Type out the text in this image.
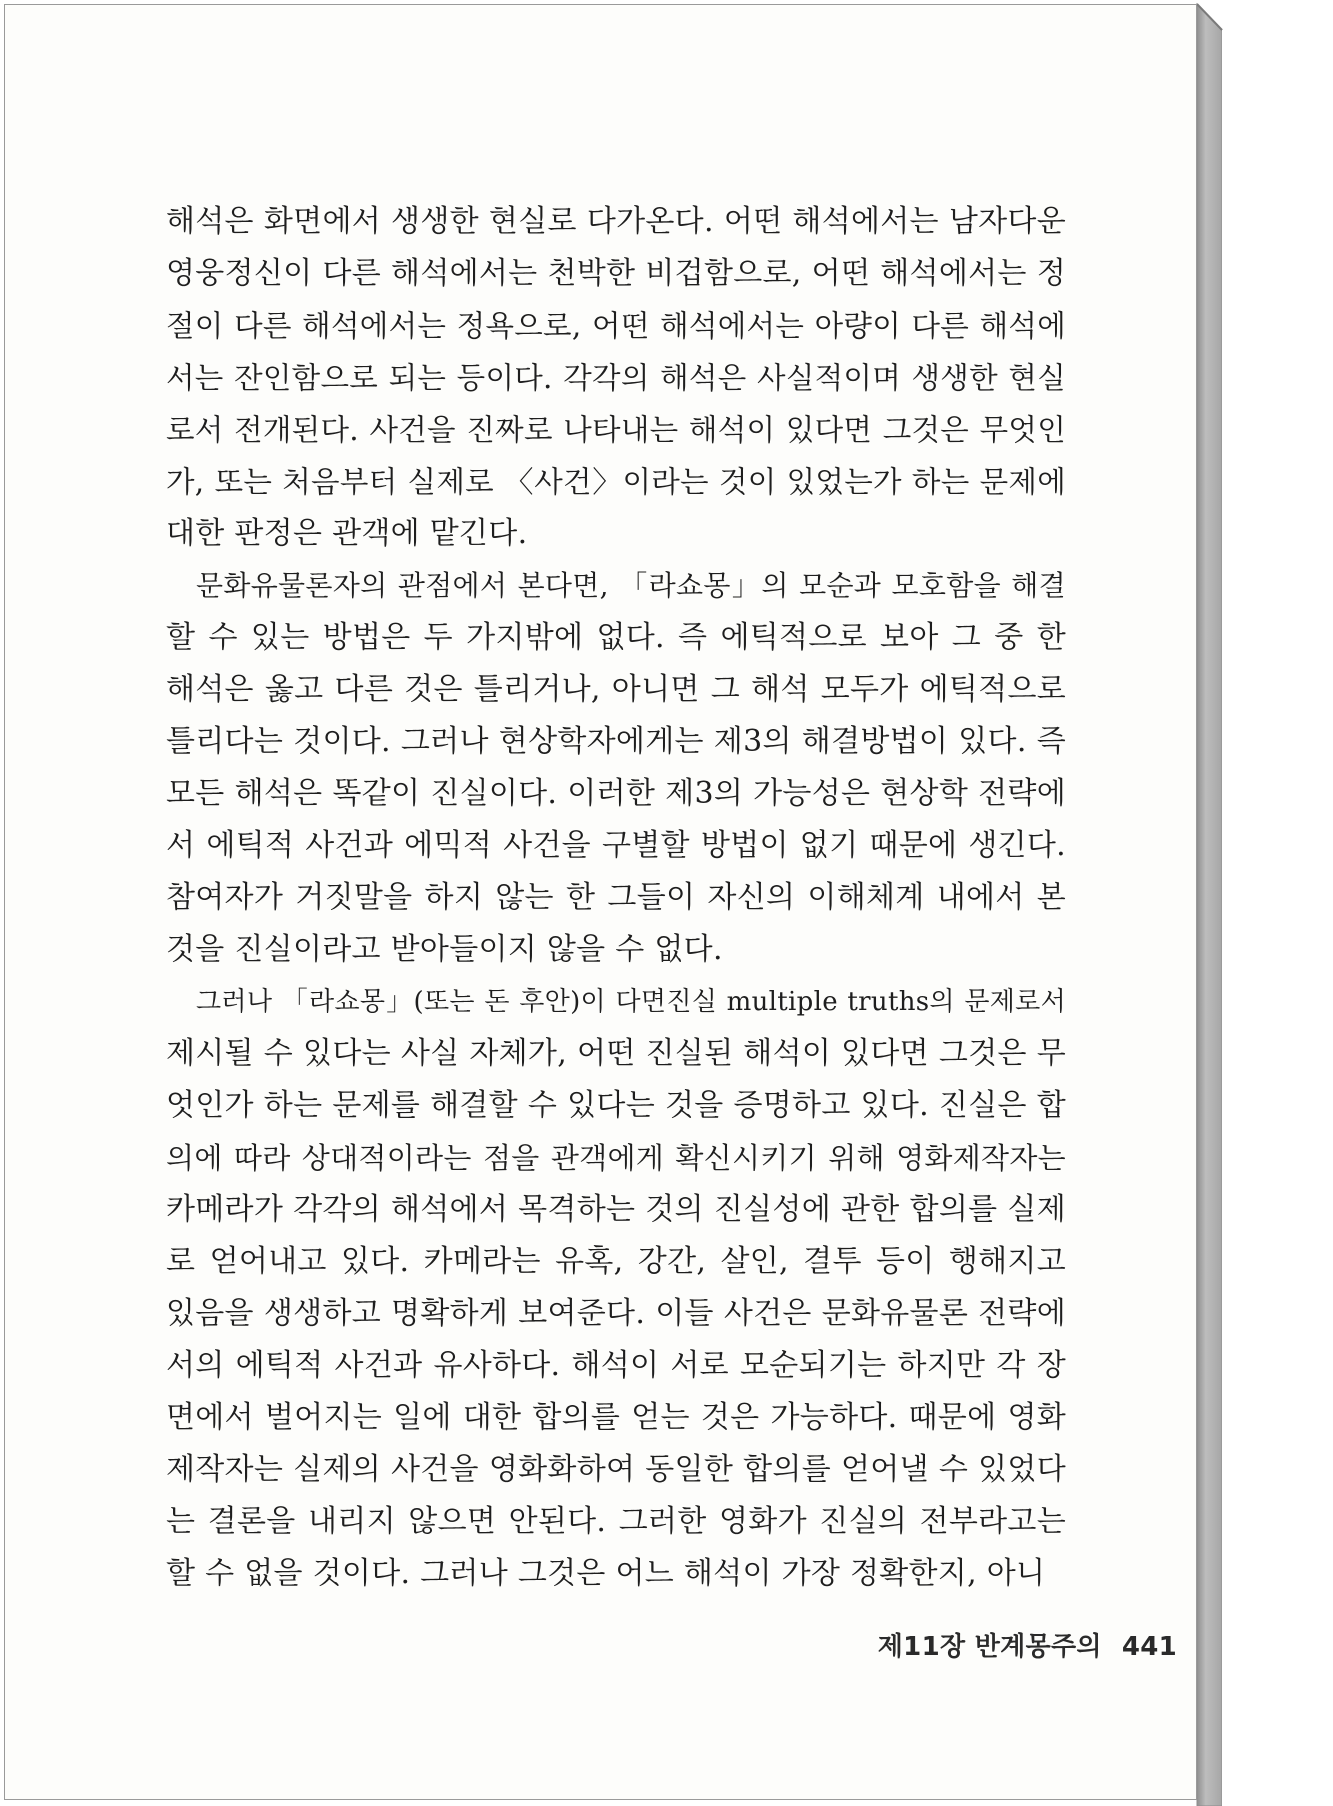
해석은 화면에서 생생한 현실로 다가온다. 어떤 해석에서는 남자다운
영웅정신이 다른 해석에서는 천박한 비겁함으로, 어떤 해석에서는 정
절이 다른 해석에서는 정욕으로, 어떤 해석에서는 아량이 다른 해석에
서는 잔인함으로 되는 등이다. 각각의 해석은 사실적이며 생생한 현실
로서 전개된다. 사건을 진짜로 나타내는 해석이 있다면 그것은 무엇인
가, 또는 처음부터 실제로 〈사건〉이라는 것이 있었는가 하는 문제에
대한 판정은 관객에 맡긴다.
문화유물론자의 관점에서 본다면, 「라쇼몽」의 모순과 모호함을 해결
할 수 있는 방법은 두 가지밖에 없다. 즉 에틱적으로 보아 그 중 한
해석은 옳고 다른 것은 틀리거나, 아니면 그 해석 모두가 에틱적으로
틀리다는 것이다. 그러나 현상학자에게는 제3의 해결방법이 있다. 즉
모든 해석은 똑같이 진실이다. 이러한 제3의 가능성은 현상학 전략에
서 에틱적 사건과 에믹적 사건을 구별할 방법이 없기 때문에 생긴다.
참여자가 거짓말을 하지 않는 한 그들이 자신의 이해체계 내에서 본
것을 진실이라고 받아들이지 않을 수 없다.
그러나 「라쇼몽」(또는 돈 후안)이 다면진실 multiple truths의 문제로서
제시될 수 있다는 사실 자체가, 어떤 진실된 해석이 있다면 그것은 무
엇인가 하는 문제를 해결할 수 있다는 것을 증명하고 있다. 진실은 합
의에 따라 상대적이라는 점을 관객에게 확신시키기 위해 영화제작자는
카메라가 각각의 해석에서 목격하는 것의 진실성에 관한 합의를 실제
로 얻어내고 있다. 카메라는 유혹, 강간, 살인, 결투 등이 행해지고
있음을 생생하고 명확하게 보여준다. 이들 사건은 문화유물론 전략에
서의 에틱적 사건과 유사하다. 해석이 서로 모순되기는 하지만 각 장
면에서 벌어지는 일에 대한 합의를 얻는 것은 가능하다. 때문에 영화
제작자는 실제의 사건을 영화화하여 동일한 합의를 얻어낼 수 있었다
는 결론을 내리지 않으면 안된다. 그러한 영화가 진실의 전부라고는
할 수 없을 것이다. 그러나 그것은 어느 해석이 가장 정확한지, 아니
제11장 반계몽주의 441
